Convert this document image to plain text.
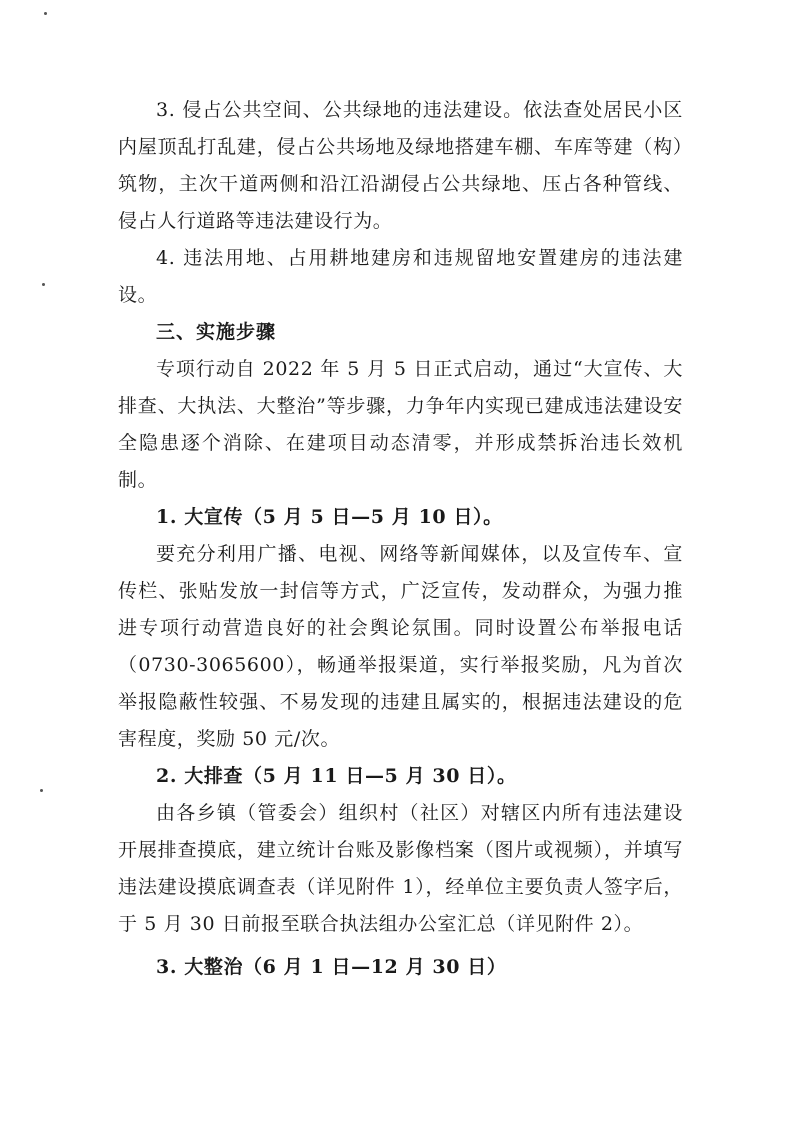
3. 侵占公共空间、公共绿地的违法建设。依法查处居民小区内屋顶乱打乱建，侵占公共场地及绿地搭建车棚、车库等建（构）筑物，主次干道两侧和沿江沿湖侵占公共绿地、压占各种管线、侵占人行道路等违法建设行为。

4. 违法用地、占用耕地建房和违规留地安置建房的违法建设。

三、实施步骤

专项行动自 2022 年 5 月 5 日正式启动，通过“大宣传、大排查、大执法、大整治”等步骤，力争年内实现已建成违法建设安全隐患逐个消除、在建项目动态清零，并形成禁拆治违长效机制。

1. 大宣传（5 月 5 日—5 月 10 日）。

要充分利用广播、电视、网络等新闻媒体，以及宣传车、宣传栏、张贴发放一封信等方式，广泛宣传，发动群众，为强力推进专项行动营造良好的社会舆论氛围。同时设置公布举报电话（0730-3065600），畅通举报渠道，实行举报奖励，凡为首次举报隐蔽性较强、不易发现的违建且属实的，根据违法建设的危害程度，奖励 50 元/次。

2. 大排查（5 月 11 日—5 月 30 日）。

由各乡镇（管委会）组织村（社区）对辖区内所有违法建设开展排查摸底，建立统计台账及影像档案（图片或视频），并填写违法建设摸底调查表（详见附件 1），经单位主要负责人签字后，于 5 月 30 日前报至联合执法组办公室汇总（详见附件 2）。

3. 大整治（6 月 1 日—12 月 30 日）
